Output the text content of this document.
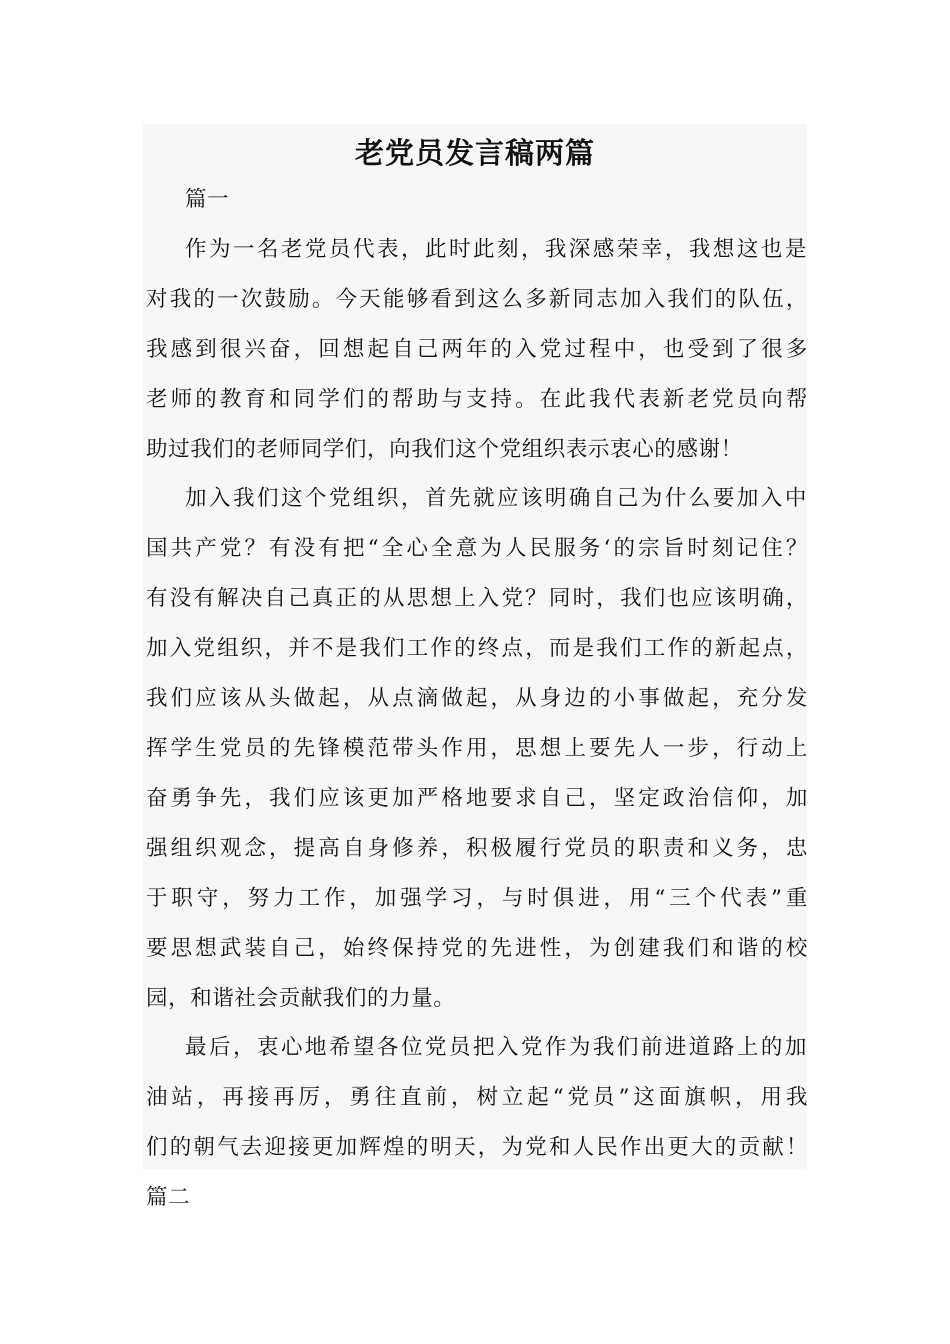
老党员发言稿两篇
篇一
作为一名老党员代表，此时此刻，我深感荣幸，我想这也是
对我的一次鼓励。今天能够看到这么多新同志加入我们的队伍，
我感到很兴奋，回想起自己两年的入党过程中，也受到了很多
老师的教育和同学们的帮助与支持。在此我代表新老党员向帮
助过我们的老师同学们，向我们这个党组织表示衷心的感谢！
加入我们这个党组织，首先就应该明确自己为什么要加入中
国共产党？有没有把“全心全意为人民服务‘的宗旨时刻记住？
有没有解决自己真正的从思想上入党？同时，我们也应该明确，
加入党组织，并不是我们工作的终点，而是我们工作的新起点，
我们应该从头做起，从点滴做起，从身边的小事做起，充分发
挥学生党员的先锋模范带头作用，思想上要先人一步，行动上
奋勇争先，我们应该更加严格地要求自己，坚定政治信仰，加
强组织观念，提高自身修养，积极履行党员的职责和义务，忠
于职守，努力工作，加强学习，与时俱进，用“三个代表”重
要思想武装自己，始终保持党的先进性，为创建我们和谐的校
园，和谐社会贡献我们的力量。
最后，衷心地希望各位党员把入党作为我们前进道路上的加
油站，再接再厉，勇往直前，树立起“党员”这面旗帜，用我
们的朝气去迎接更加辉煌的明天，为党和人民作出更大的贡献！
篇二
